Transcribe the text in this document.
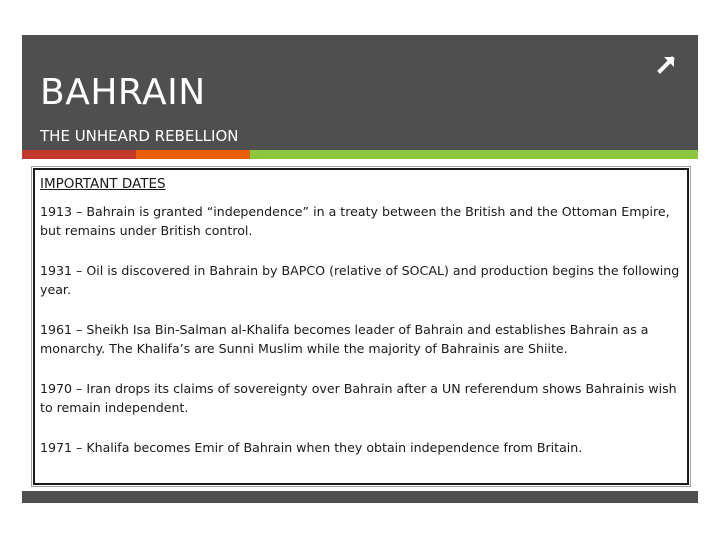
BAHRAIN
THE UNHEARD REBELLION
IMPORTANT DATES
1913 – Bahrain is granted “independence” in a treaty between the British and the Ottoman Empire, but remains under British control.
1931 – Oil is discovered in Bahrain by BAPCO (relative of SOCAL) and production begins the following year.
1961 – Sheikh Isa Bin-Salman al-Khalifa becomes leader of Bahrain and establishes Bahrain as a monarchy. The Khalifa’s are Sunni Muslim while the majority of Bahrainis are Shiite.
1970 – Iran drops its claims of sovereignty over Bahrain after a UN referendum shows Bahrainis wish to remain independent.
1971 – Khalifa becomes Emir of Bahrain when they obtain independence from Britain.
